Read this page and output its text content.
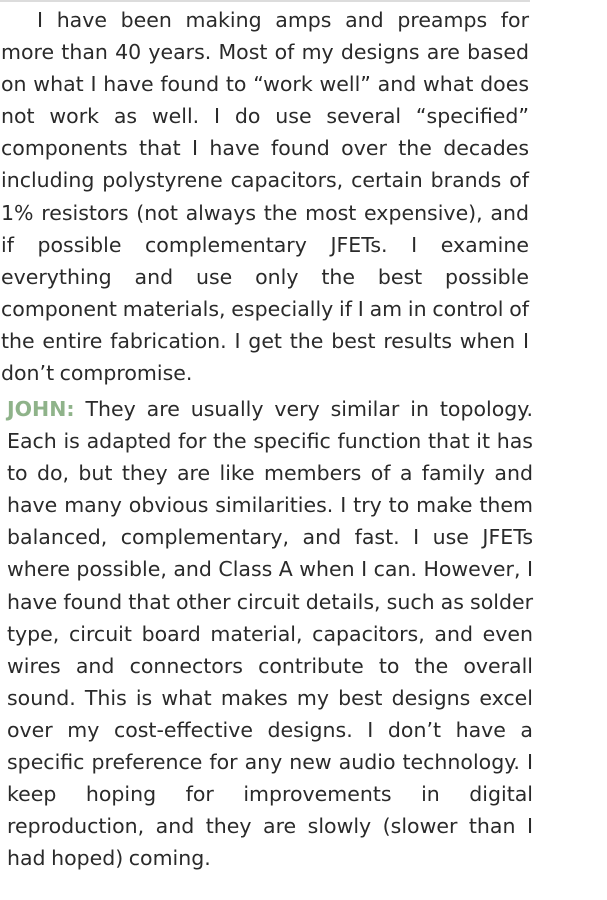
I have been making amps and preamps for more than 40 years. Most of my designs are based on what I have found to “work well” and what does not work as well. I do use several “specified” components that I have found over the decades including polystyrene capacitors, certain brands of 1% resistors (not always the most expensive), and if possible complementary JFETs. I examine everything and use only the best possible component materials, especially if I am in control of the entire fabrication. I get the best results when I don’t compromise.

JOHN: They are usually very similar in topology. Each is adapted for the specific function that it has to do, but they are like members of a family and have many obvious similarities. I try to make them balanced, complementary, and fast. I use JFETs where possible, and Class A when I can. However, I have found that other circuit details, such as solder type, circuit board material, capacitors, and even wires and connectors contribute to the overall sound. This is what makes my best designs excel over my cost-effective designs. I don’t have a specific preference for any new audio technology. I keep hoping for improvements in digital reproduction, and they are slowly (slower than I had hoped) coming.
